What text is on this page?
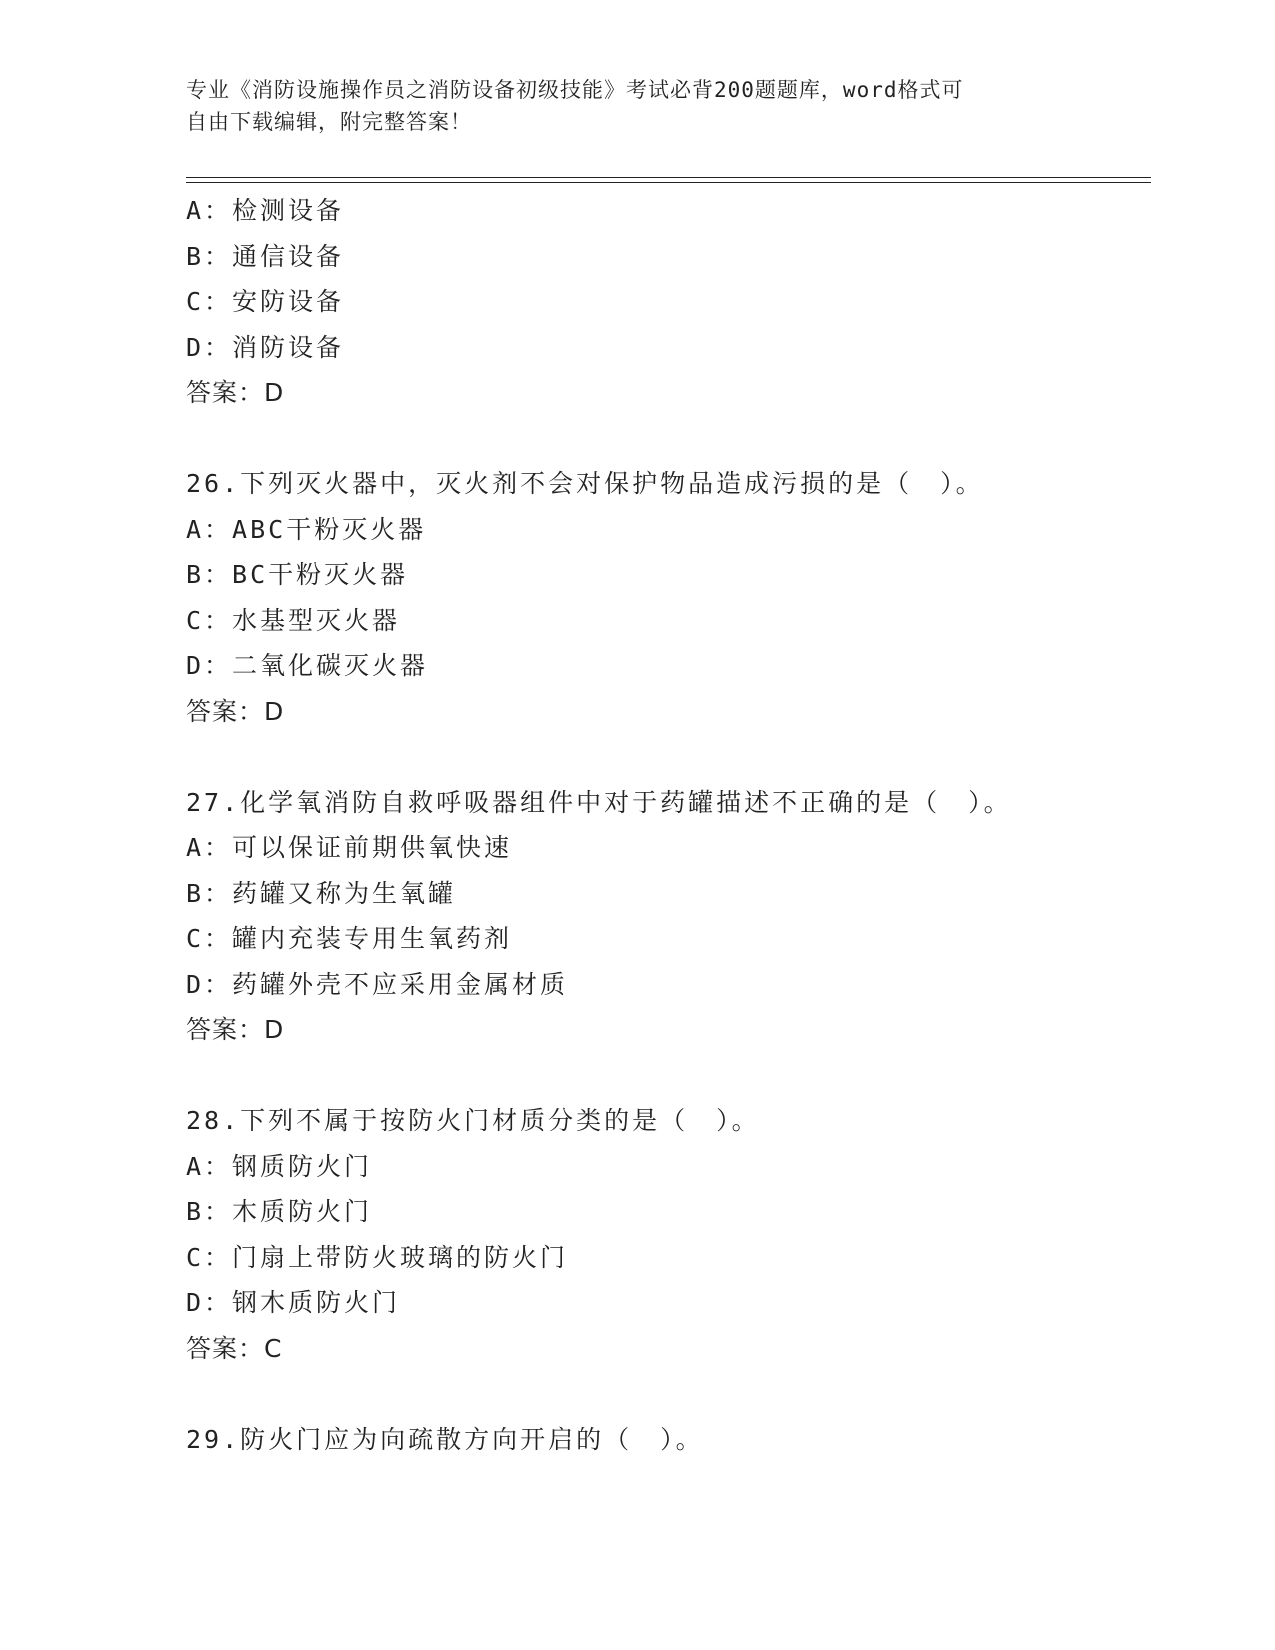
专业《消防设施操作员之消防设备初级技能》考试必背200题题库，word格式可
自由下载编辑，附完整答案！
A：检测设备
B：通信设备
C：安防设备
D：消防设备
答案：D
26.下列灭火器中，灭火剂不会对保护物品造成污损的是（　）。
A：ABC干粉灭火器
B：BC干粉灭火器
C：水基型灭火器
D：二氧化碳灭火器
答案：D
27.化学氧消防自救呼吸器组件中对于药罐描述不正确的是（　）。
A：可以保证前期供氧快速
B：药罐又称为生氧罐
C：罐内充装专用生氧药剂
D：药罐外壳不应采用金属材质
答案：D
28.下列不属于按防火门材质分类的是（　）。
A：钢质防火门
B：木质防火门
C：门扇上带防火玻璃的防火门
D：钢木质防火门
答案：C
29.防火门应为向疏散方向开启的（　）。
